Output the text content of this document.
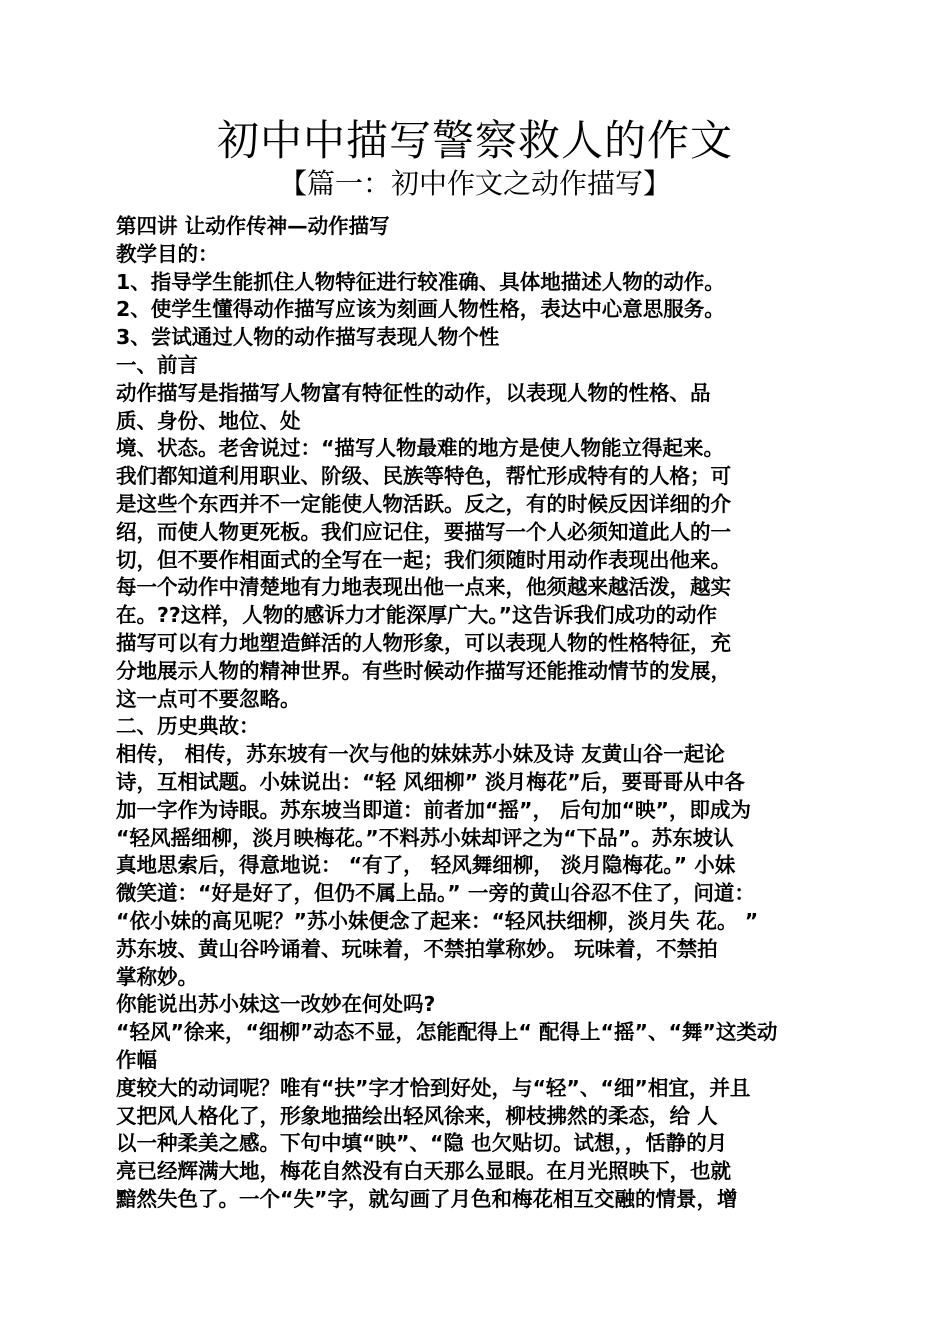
初中中描写警察救人的作文
【篇一：初中作文之动作描写】

第四讲 让动作传神—动作描写

教学目的：

1、指导学生能抓住人物特征进行较准确、具体地描述人物的动作。

2、使学生懂得动作描写应该为刻画人物性格，表达中心意思服务。

3、尝试通过人物的动作描写表现人物个性

一、前言

动作描写是指描写人物富有特征性的动作，以表现人物的性格、品

质、身份、地位、处

境、状态。老舍说过：“描写人物最难的地方是使人物能立得起来。

我们都知道利用职业、阶级、民族等特色，帮忙形成特有的人格；可

是这些个东西并不一定能使人物活跃。反之，有的时候反因详细的介

绍，而使人物更死板。我们应记住，要描写一个人必须知道此人的一

切，但不要作相面式的全写在一起；我们须随时用动作表现出他来。

每一个动作中清楚地有力地表现出他一点来，他须越来越活泼，越实

在。??这样，人物的感诉力才能深厚广大。”这告诉我们成功的动作

描写可以有力地塑造鲜活的人物形象，可以表现人物的性格特征，充

分地展示人物的精神世界。有些时候动作描写还能推动情节的发展，

这一点可不要忽略。

二、历史典故：

相传， 相传，苏东坡有一次与他的妹妹苏小妹及诗 友黄山谷一起论

诗，互相试题。小妹说出：“轻 风细柳” 淡月梅花”后，要哥哥从中各

加一字作为诗眼。苏东坡当即道：前者加“摇”， 后句加“映”，即成为

“轻风摇细柳，淡月映梅花。”不料苏小妹却评之为“下品”。苏东坡认

真地思索后，得意地说： “有了， 轻风舞细柳， 淡月隐梅花。” 小妹

微笑道：“好是好了，但仍不属上品。” 一旁的黄山谷忍不住了，问道：

“依小妹的高见呢？”苏小妹便念了起来：“轻风扶细柳，淡月失 花。 ”

苏东坡、黄山谷吟诵着、玩味着，不禁拍掌称妙。 玩味着，不禁拍

掌称妙。

你能说出苏小妹这一改妙在何处吗?

“轻风”徐来，“细柳”动态不显，怎能配得上“ 配得上“摇”、“舞”这类动

作幅

度较大的动词呢？唯有“扶”字才恰到好处，与“轻”、“细”相宜，并且

又把风人格化了，形象地描绘出轻风徐来，柳枝拂然的柔态，给 人

以一种柔美之感。下句中填“映”、“隐 也欠贴切。试想，，恬静的月

亮已经辉满大地，梅花自然没有白天那么显眼。在月光照映下，也就

黯然失色了。一个“失”字，就勾画了月色和梅花相互交融的情景，增
